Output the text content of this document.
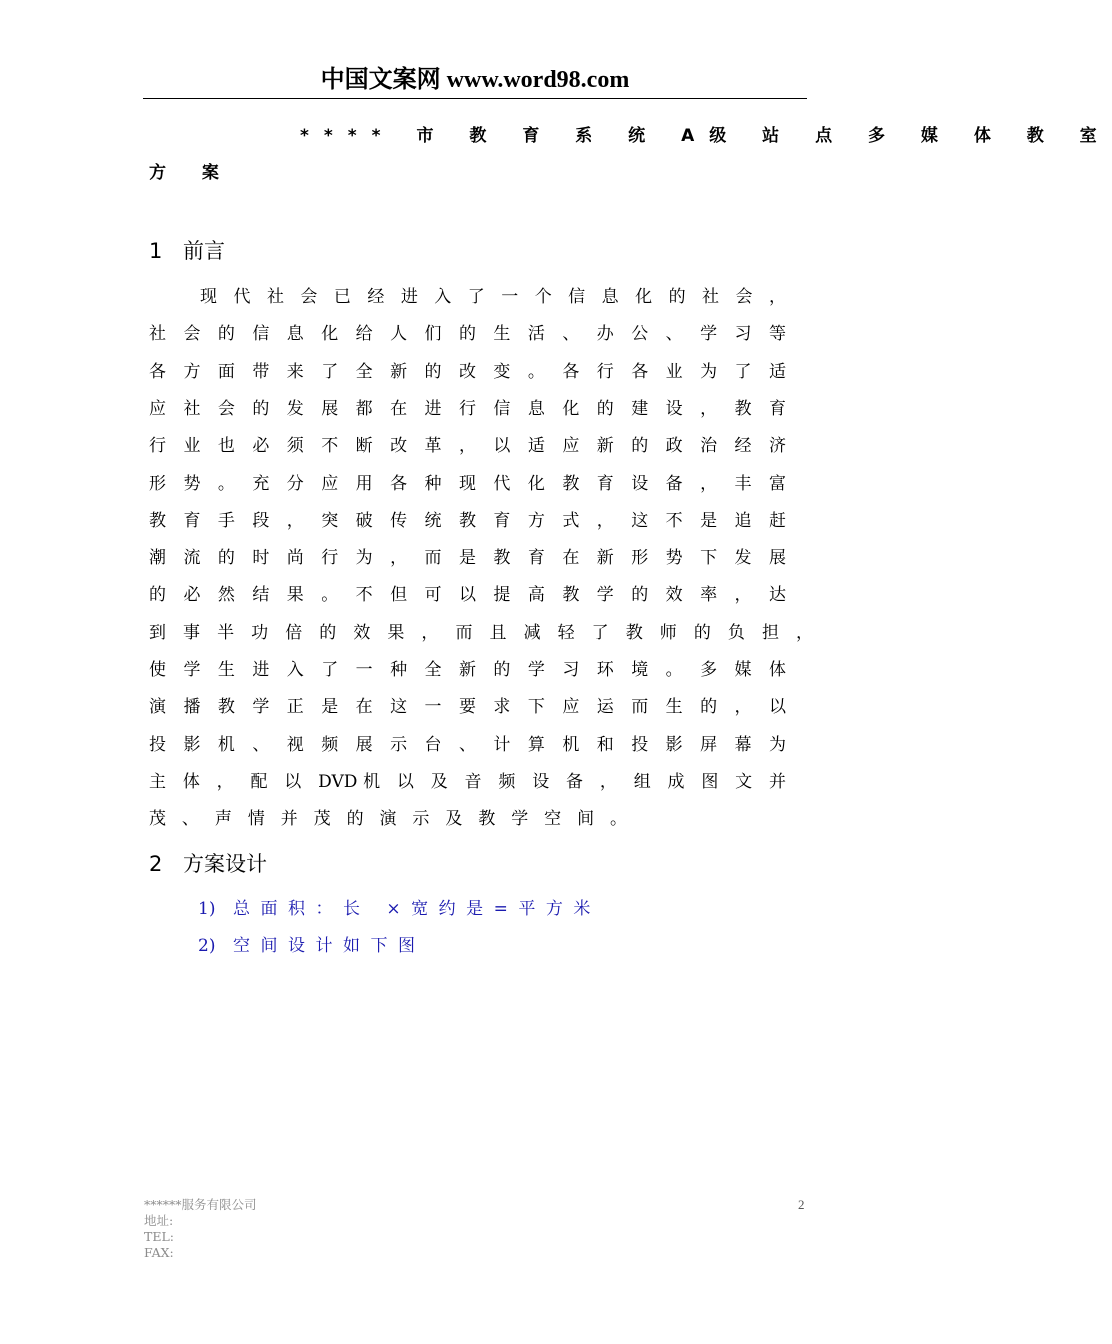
中国文案网 www.word98.com
**** 市 教 育 系 统 A级 站 点 多 媒 体 教 室
方 案
1 前言
现 代 社 会 已 经 进 入 了 一 个 信 息 化 的 社 会 ，
社 会 的 信 息 化 给 人 们 的 生 活 、 办 公 、 学 习 等
各 方 面 带 来 了 全 新 的 改 变 。 各 行 各 业 为 了 适
应 社 会 的 发 展 都 在 进 行 信 息 化 的 建 设 ， 教 育
行 业 也 必 须 不 断 改 革 ， 以 适 应 新 的 政 治 经 济
形 势 。 充 分 应 用 各 种 现 代 化 教 育 设 备 ， 丰 富
教 育 手 段 ， 突 破 传 统 教 育 方 式 ， 这 不 是 追 赶
潮 流 的 时 尚 行 为 ， 而 是 教 育 在 新 形 势 下 发 展
的 必 然 结 果 。 不 但 可 以 提 高 教 学 的 效 率 ， 达
到 事 半 功 倍 的 效 果 ， 而 且 减 轻 了 教 师 的 负 担 ，
使 学 生 进 入 了 一 种 全 新 的 学 习 环 境 。 多 媒 体
演 播 教 学 正 是 在 这 一 要 求 下 应 运 而 生 的 ， 以
投 影 机 、 视 频 展 示 台 、 计 算 机 和 投 影 屏 幕 为
主 体 ， 配 以 DVD机 以 及 音 频 设 备 ， 组 成 图 文 并
茂 、 声 情 并 茂 的 演 示 及 教 学 空 间 。
2 方案设计
1) 总面积：长 ×宽约是=平方米
2) 空间设计如下图
******服务有限公司
地址:
TEL:
FAX:
2
